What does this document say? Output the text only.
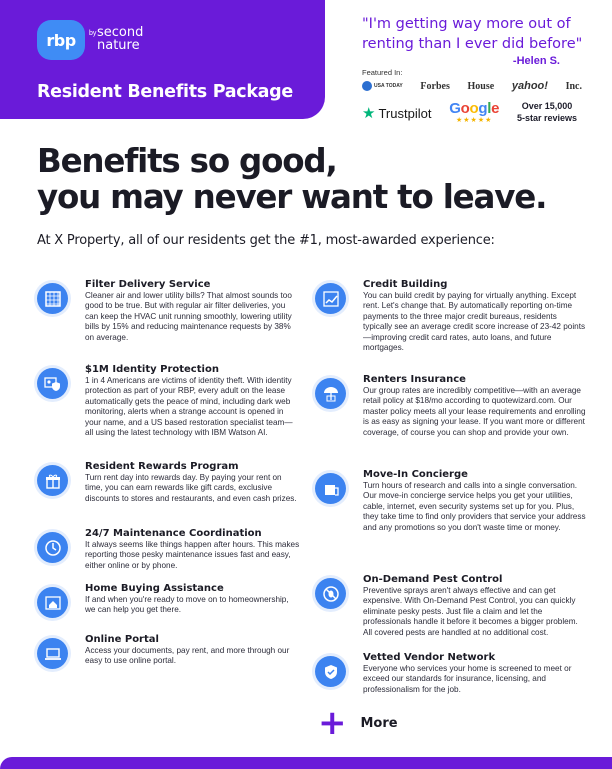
rbp by second
nature
Resident Benefits Package
"I'm getting way more out of renting than I ever did before"
-Helen S.
Featured In:
USA TODAY Forbes House yahoo! Inc.
★ Trustpilot Google
★★★★★
Over 15,000
5-star reviews
Benefits so good,
you may never want to leave.
At X Property, all of our residents get the #1, most-awarded experience:
Filter Delivery Service
Cleaner air and lower utility bills? That almost sounds too good to be true. But with regular air filter deliveries, you can keep the HVAC unit running smoothly, lowering utility bills by 15% and reducing maintenance requests by 38% on average.
$1M Identity Protection
1 in 4 Americans are victims of identity theft. With identity protection as part of your RBP, every adult on the lease automatically gets the peace of mind, including dark web monitoring, alerts when a strange account is opened in your name, and a US based restoration specialist team—all using the latest technology with IBM Watson AI.
Resident Rewards Program
Turn rent day into rewards day. By paying your rent on time, you can earn rewards like gift cards, exclusive discounts to stores and restaurants, and even cash prizes.
24/7 Maintenance Coordination
It always seems like things happen after hours. This makes reporting those pesky maintenance issues fast and easy, either online or by phone.
Home Buying Assistance
If and when you're ready to move on to homeownership, we can help you get there.
Online Portal
Access your documents, pay rent, and more through our easy to use online portal.
Credit Building
You can build credit by paying for virtually anything. Except rent. Let's change that. By automatically reporting on-time payments to the three major credit bureaus, residents typically see an average credit score increase of 23-42 points—improving credit card rates, auto loans, and future mortgages.
Renters Insurance
Our group rates are incredibly competitive—with an average retail policy at $18/mo according to quotewizard.com. Our master policy meets all your lease requirements and enrolling is as easy as signing your lease. If you want more or different coverage, of course you can shop and provide your own.
Move-In Concierge
Turn hours of research and calls into a single conversation. Our move-in concierge service helps you get your utilities, cable, internet, even security systems set up for you. Plus, they take time to find only providers that service your address and any promotions so you don't waste time or money.
On-Demand Pest Control
Preventive sprays aren't always effective and can get expensive. With On-Demand Pest Control, you can quickly eliminate pesky pests. Just file a claim and let the professionals handle it before it becomes a bigger problem. All covered pests are handled at no additional cost.
Vetted Vendor Network
Everyone who services your home is screened to meet or exceed our standards for insurance, licensing, and professionalism for the job.
+ More
